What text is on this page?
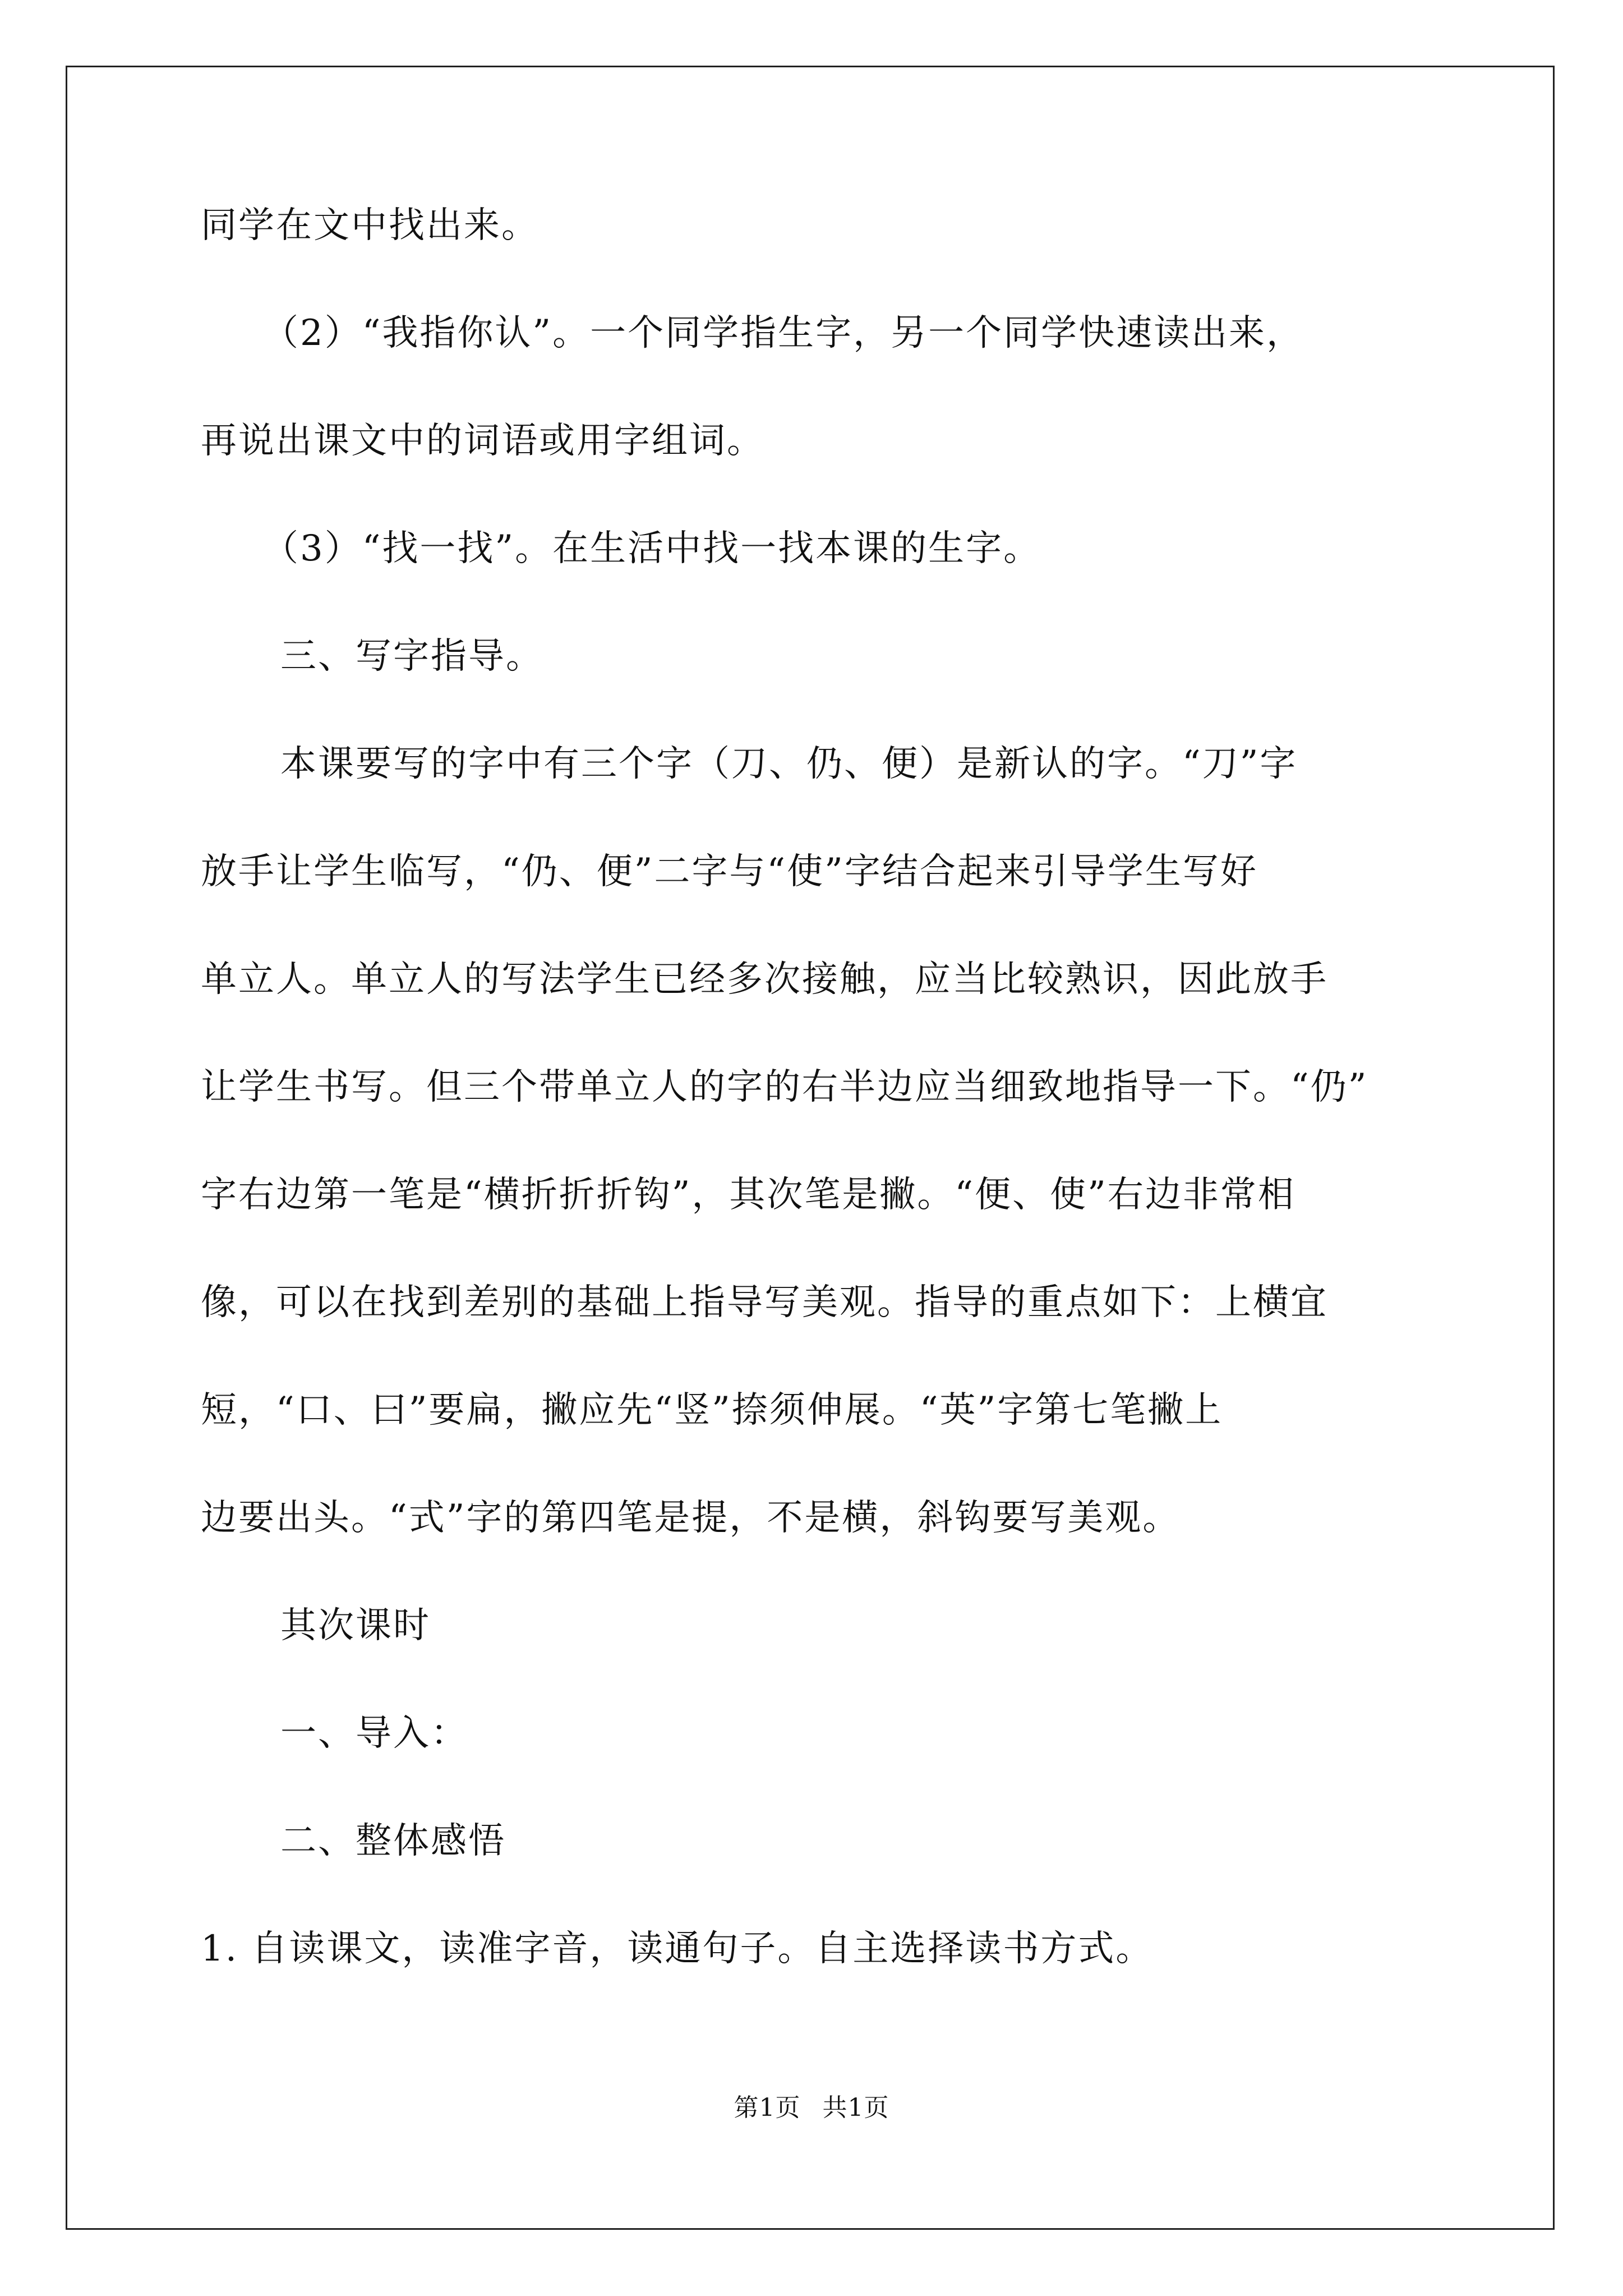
同学在文中找出来。
（2）“我指你认”。一个同学指生字，另一个同学快速读出来，
再说出课文中的词语或用字组词。
（3）“找一找”。在生活中找一找本课的生字。
三、写字指导。
本课要写的字中有三个字（刀、仍、便）是新认的字。“刀”字
放手让学生临写，“仍、便”二字与“使”字结合起来引导学生写好
单立人。单立人的写法学生已经多次接触，应当比较熟识，因此放手
让学生书写。但三个带单立人的字的右半边应当细致地指导一下。“仍”
字右边第一笔是“横折折折钩”，其次笔是撇。“便、使”右边非常相
像，可以在找到差别的基础上指导写美观。指导的重点如下：上横宜
短，“口、曰”要扁，撇应先“竖”捺须伸展。“英”字第七笔撇上
边要出头。“式”字的第四笔是提，不是横，斜钩要写美观。
其次课时
一、导入：
二、整体感悟
1. 自读课文，读准字音，读通句子。自主选择读书方式。
第1页 共1页
